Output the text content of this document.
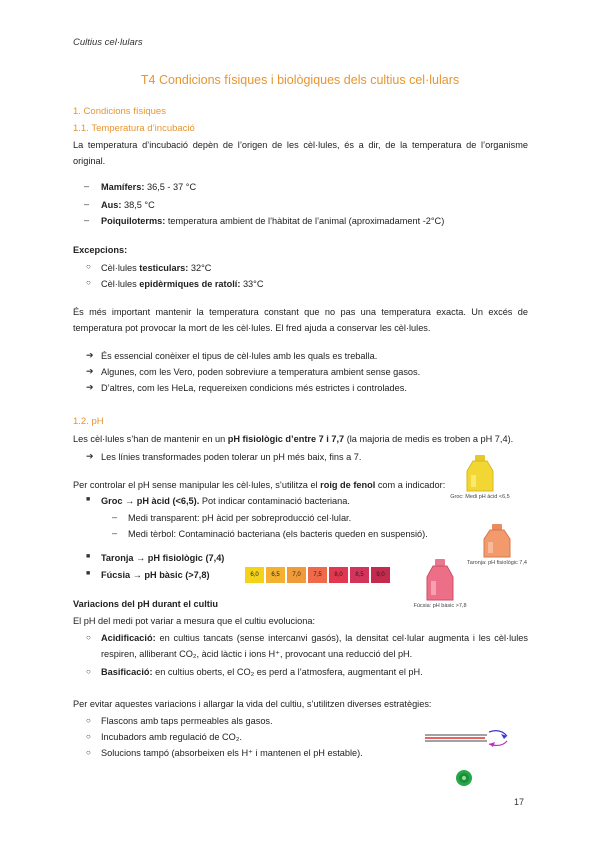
Cultius cel·lulars
T4 Condicions físiques i biològiques dels cultius cel·lulars
1. Condicions físiques
1.1. Temperatura d’incubació
La temperatura d’incubació depèn de l’origen de les cèl·lules, és a dir, de la temperatura de l’organisme original.
– Mamífers: 36,5 - 37 °C
– Aus: 38,5 °C
– Poiquiloterms: temperatura ambient de l’hàbitat de l’animal (aproximadament -2°C)
Excepcions:
○ Cèl·lules testiculars: 32°C
○ Cèl·lules epidèrmiques de ratolí: 33°C
És més important mantenir la temperatura constant que no pas una temperatura exacta. Un excés de temperatura pot provocar la mort de les cèl·lules. El fred ajuda a conservar les cèl·lules.
➔ És essencial conèixer el tipus de cèl·lules amb les quals es treballa.
➔ Algunes, com les Vero, poden sobreviure a temperatura ambient sense gasos.
➔ D’altres, com les HeLa, requereixen condicions més estrictes i controlades.
1.2. pH
Les cèl·lules s’han de mantenir en un pH fisiològic d’entre 7 i 7,7 (la majoria de medis es troben a pH 7,4).
➔ Les línies transformades poden tolerar un pH més baix, fins a 7.
Per controlar el pH sense manipular les cèl·lules, s’utilitza el roig de fenol com a indicador:
■ Groc → pH àcid (<6,5). Pot indicar contaminació bacteriana.
– Medi transparent: pH àcid per sobreproducció cel·lular.
– Medi tèrbol: Contaminació bacteriana (els bacteris queden en suspensió).
■ Taronja → pH fisiològic (7,4)
■ Fúcsia → pH bàsic (>7,8)	6,0	6,5	7,0	7,5	8,0	8,5	9,0
Groc: Medi pH àcid <6,5
Taronja: pH fisiològic 7,4
Fúcsia: pH bàsic >7,8
Variacions del pH durant el cultiu
El pH del medi pot variar a mesura que el cultiu evoluciona:
○ Acidificació: en cultius tancats (sense intercanvi gasós), la densitat cel·lular augmenta i les cèl·lules respiren, alliberant CO₂, àcid làctic i ions H⁺, provocant una reducció del pH.
○ Basificació: en cultius oberts, el CO₂ es perd a l’atmosfera, augmentant el pH.
Per evitar aquestes variacions i allargar la vida del cultiu, s’utilitzen diverses estratègies:
○ Flascons amb taps permeables als gasos.
○ Incubadors amb regulació de CO₂.
○ Solucions tampó (absorbeixen els H⁺ i mantenen el pH estable).
17
